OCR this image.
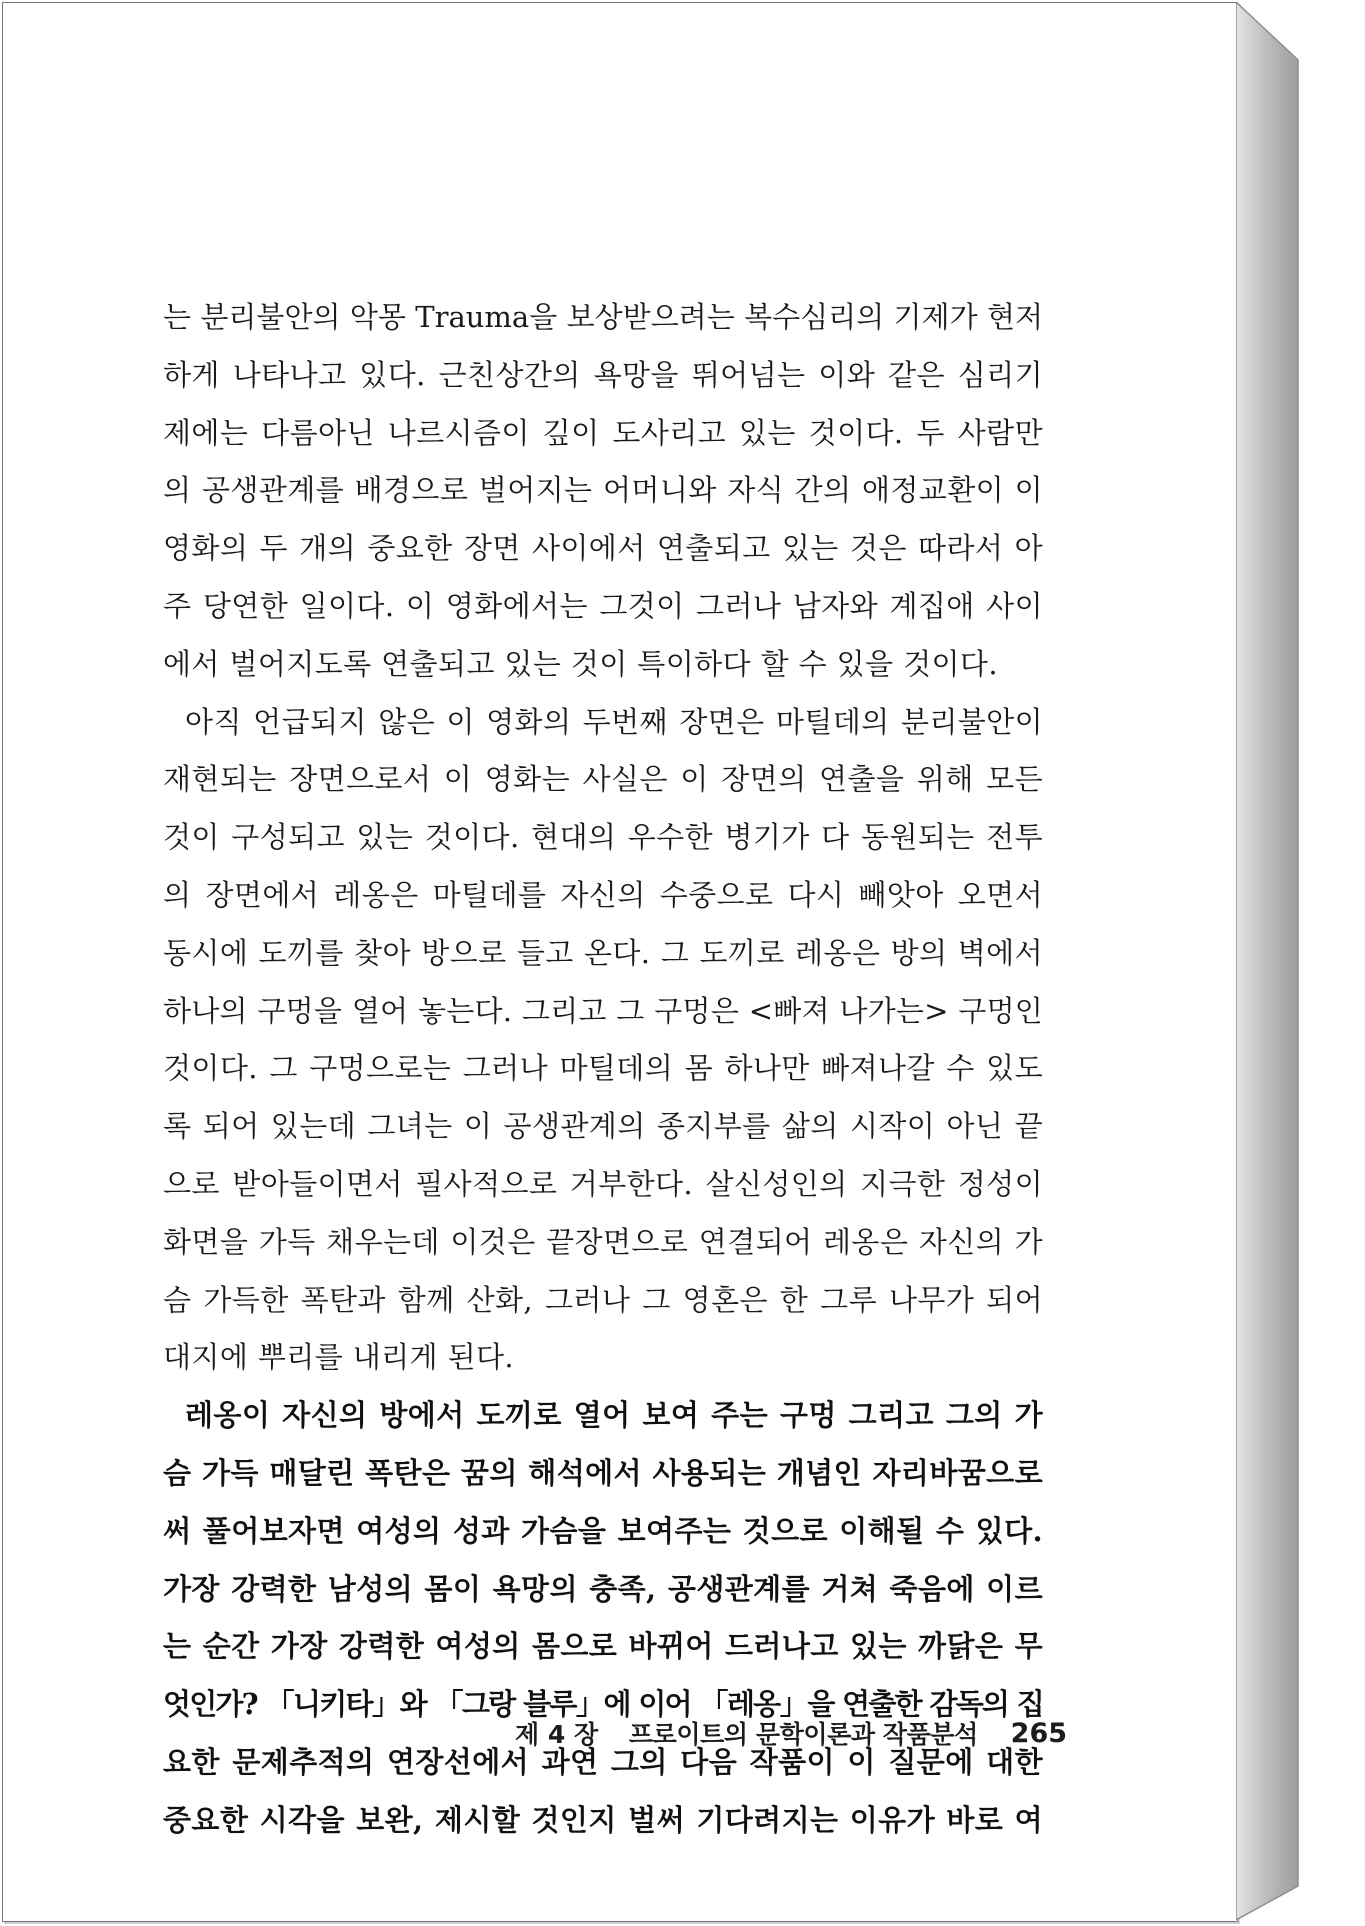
는 분리불안의 악몽 Trauma을 보상받으려는 복수심리의 기제가 현저
하게 나타나고 있다. 근친상간의 욕망을 뛰어넘는 이와 같은 심리기
제에는 다름아닌 나르시즘이 깊이 도사리고 있는 것이다. 두 사람만
의 공생관계를 배경으로 벌어지는 어머니와 자식 간의 애정교환이 이
영화의 두 개의 중요한 장면 사이에서 연출되고 있는 것은 따라서 아
주 당연한 일이다. 이 영화에서는 그것이 그러나 남자와 계집애 사이
에서 벌어지도록 연출되고 있는 것이 특이하다 할 수 있을 것이다.
아직 언급되지 않은 이 영화의 두번째 장면은 마틸데의 분리불안이
재현되는 장면으로서 이 영화는 사실은 이 장면의 연출을 위해 모든
것이 구성되고 있는 것이다. 현대의 우수한 병기가 다 동원되는 전투
의 장면에서 레옹은 마틸데를 자신의 수중으로 다시 빼앗아 오면서
동시에 도끼를 찾아 방으로 들고 온다. 그 도끼로 레옹은 방의 벽에서
하나의 구멍을 열어 놓는다. 그리고 그 구멍은 <빠져 나가는> 구멍인
것이다. 그 구멍으로는 그러나 마틸데의 몸 하나만 빠져나갈 수 있도
록 되어 있는데 그녀는 이 공생관계의 종지부를 삶의 시작이 아닌 끝
으로 받아들이면서 필사적으로 거부한다. 살신성인의 지극한 정성이
화면을 가득 채우는데 이것은 끝장면으로 연결되어 레옹은 자신의 가
슴 가득한 폭탄과 함께 산화, 그러나 그 영혼은 한 그루 나무가 되어
대지에 뿌리를 내리게 된다.
레옹이 자신의 방에서 도끼로 열어 보여 주는 구멍 그리고 그의 가
슴 가득 매달린 폭탄은 꿈의 해석에서 사용되는 개념인 자리바꿈으로
써 풀어보자면 여성의 성과 가슴을 보여주는 것으로 이해될 수 있다.
가장 강력한 남성의 몸이 욕망의 충족, 공생관계를 거쳐 죽음에 이르
는 순간 가장 강력한 여성의 몸으로 바뀌어 드러나고 있는 까닭은 무
엇인가? 「니키타」와 「그랑 블루」에 이어 「레옹」을 연출한 감독의 집
요한 문제추적의 연장선에서 과연 그의 다음 작품이 이 질문에 대한
중요한 시각을 보완, 제시할 것인지 벌써 기다려지는 이유가 바로 여
제 4 장 프로이트의 문학이론과 작품분석 265
